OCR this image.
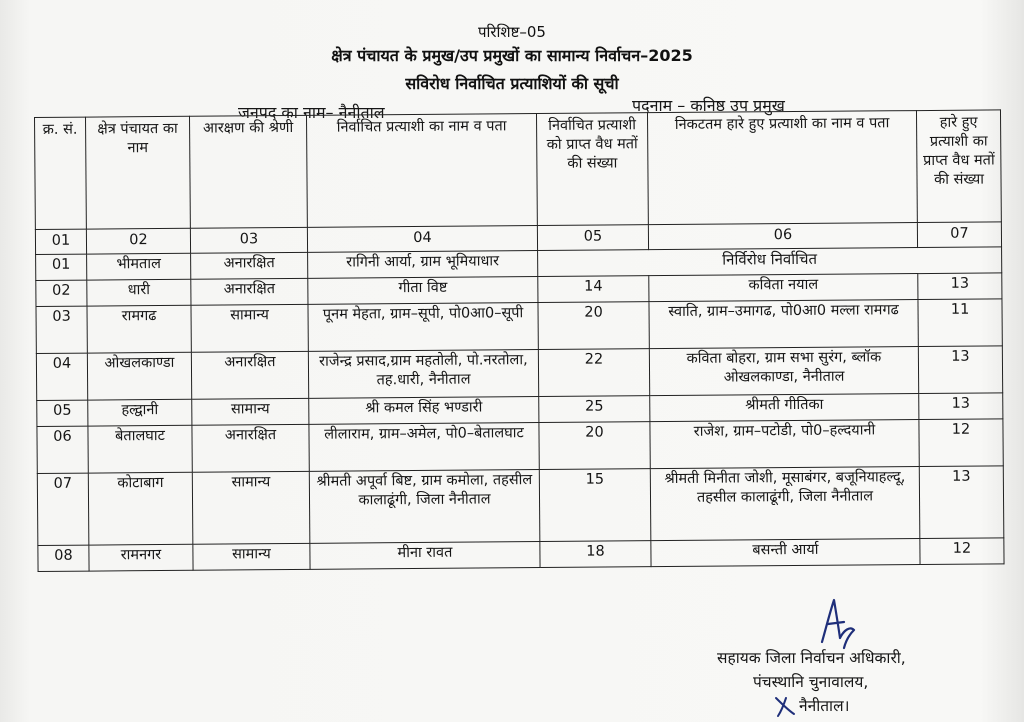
परिशिष्ट–05
क्षेत्र पंचायत के प्रमुख/उप प्रमुखों का सामान्य निर्वाचन–2025
सविरोध निर्वाचित प्रत्याशियों की सूची
जनपद का नाम– नैनीताल	पदनाम – कनिष्ठ उप प्रमुख
क्र. सं.	क्षेत्र पंचायत का नाम	आरक्षण की श्रेणी	निर्वाचित प्रत्याशी का नाम व पता	निर्वाचित प्रत्याशी को प्राप्त वैध मतों की संख्या	निकटतम हारे हुए प्रत्याशी का नाम व पता	हारे हुए प्रत्याशी का प्राप्त वैध मतों की संख्या
01	02	03	04	05	06	07
01	भीमताल	अनारक्षित	रागिनी आर्या, ग्राम भूमियाधार	निर्विरोध निर्वाचित		
02	धारी	अनारक्षित	गीता विष्ट	14	कविता नयाल	13
03	रामगढ	सामान्य	पूनम मेहता, ग्राम–सूपी, पो0आ0–सूपी	20	स्वाति, ग्राम–उमागढ, पो0आ0 मल्ला रामगढ	11
04	ओखलकाण्डा	अनारक्षित	राजेन्द्र प्रसाद,ग्राम महतोली, पो.नरतोला, तह.धारी, नैनीताल	22	कविता बोहरा, ग्राम सभा सुरंग, ब्लॉक ओखलकाण्डा, नैनीताल	13
05	हल्द्वानी	सामान्य	श्री कमल सिंह भण्डारी	25	श्रीमती गीतिका	13
06	बेतालघाट	अनारक्षित	लीलाराम, ग्राम–अमेल, पो0–बेतालघाट	20	राजेश, ग्राम–पटोडी, पो0–हल्दयानी	12
07	कोटाबाग	सामान्य	श्रीमती अपूर्वा बिष्ट, ग्राम कमोला, तहसील कालाढूंगी, जिला नैनीताल	15	श्रीमती मिनीता जोशी, मूसाबंगर, बजूनियाहल्दू, तहसील कालाढूंगी, जिला नैनीताल	13
08	रामनगर	सामान्य	मीना रावत	18	बसन्ती आर्या	12
सहायक जिला निर्वाचन अधिकारी,
पंचस्थानि चुनावालय,
नैनीताल।
